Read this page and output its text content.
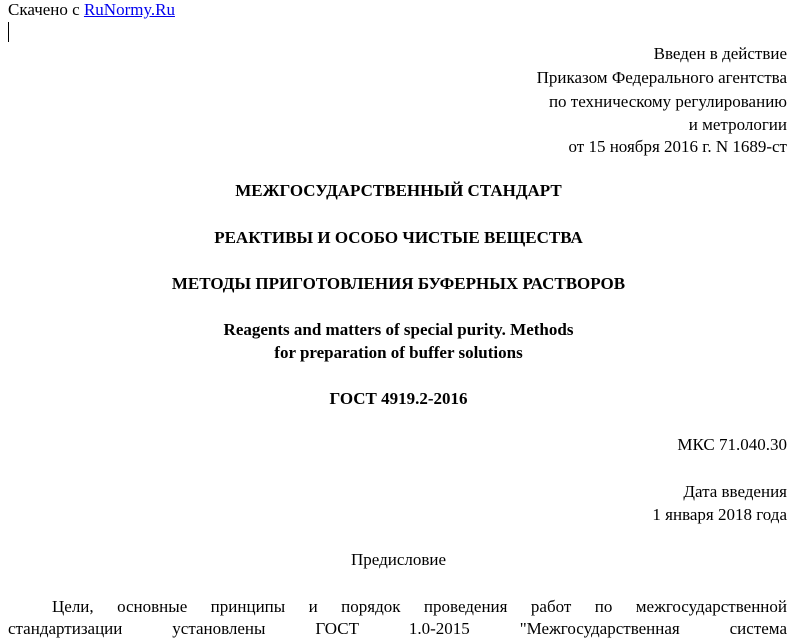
Скачено с RuNormy.Ru
Введен в действие
Приказом Федерального агентства
по техническому регулированию
и метрологии
от 15 ноября 2016 г. N 1689-ст
МЕЖГОСУДАРСТВЕННЫЙ СТАНДАРТ
РЕАКТИВЫ И ОСОБО ЧИСТЫЕ ВЕЩЕСТВА
МЕТОДЫ ПРИГОТОВЛЕНИЯ БУФЕРНЫХ РАСТВОРОВ
Reagents and matters of special purity. Methods
for preparation of buffer solutions
ГОСТ 4919.2-2016
МКС 71.040.30
Дата введения
1 января 2018 года
Предисловие
Цели, основные принципы и порядок проведения работ по межгосударственной
стандартизации установлены ГОСТ 1.0-2015 "Межгосударственная система
